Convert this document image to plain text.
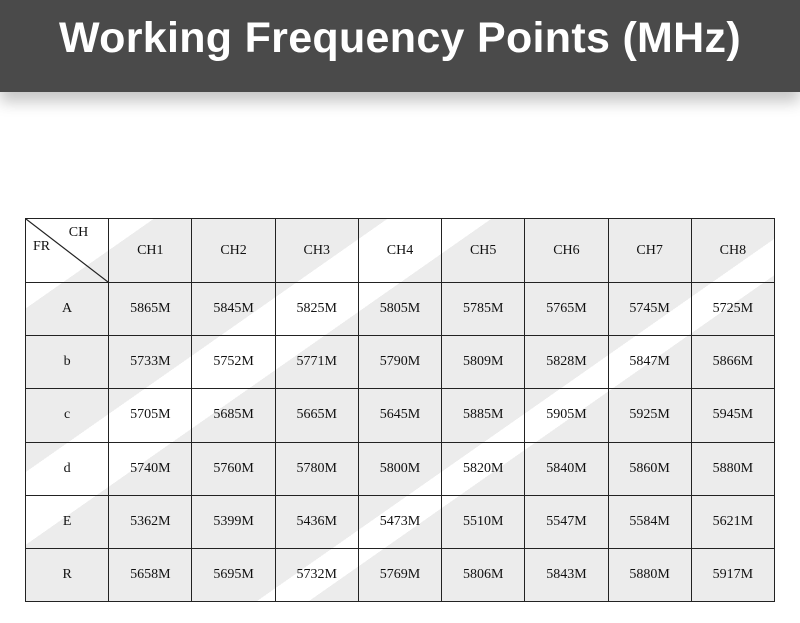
Working Frequency Points (MHz)
CH
FR	CH1	CH2	CH3	CH4	CH5	CH6	CH7	CH8
A	5865M	5845M	5825M	5805M	5785M	5765M	5745M	5725M
b	5733M	5752M	5771M	5790M	5809M	5828M	5847M	5866M
c	5705M	5685M	5665M	5645M	5885M	5905M	5925M	5945M
d	5740M	5760M	5780M	5800M	5820M	5840M	5860M	5880M
E	5362M	5399M	5436M	5473M	5510M	5547M	5584M	5621M
R	5658M	5695M	5732M	5769M	5806M	5843M	5880M	5917M
